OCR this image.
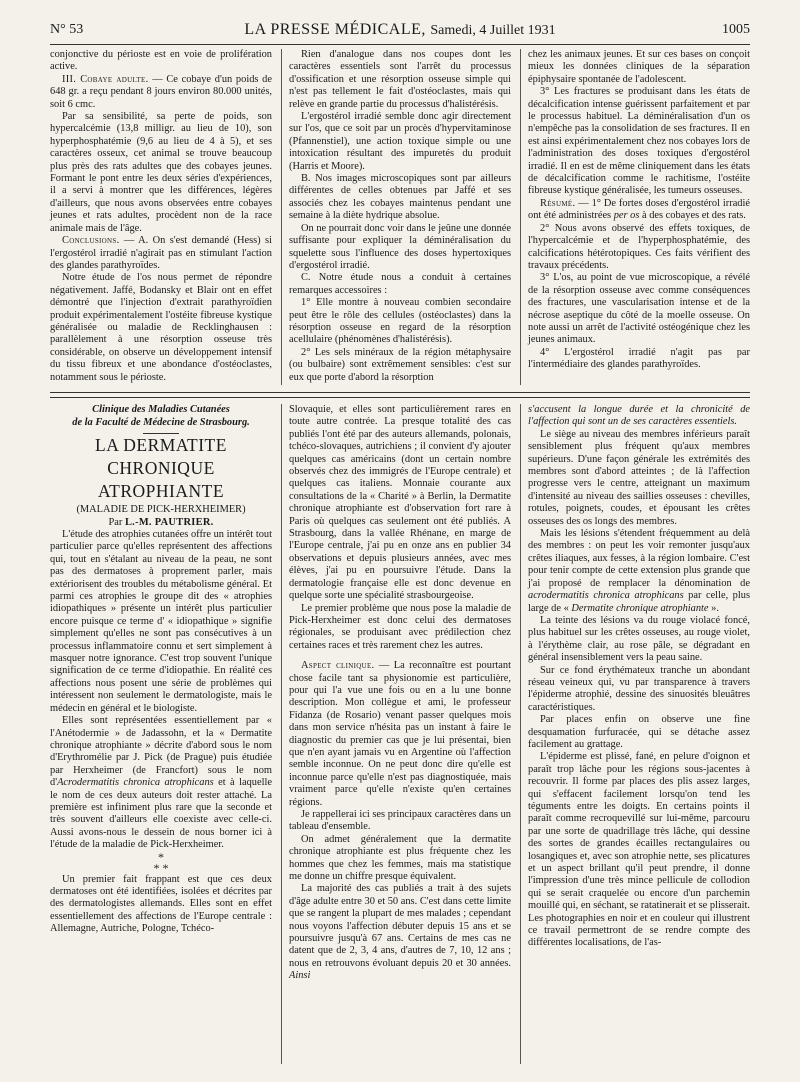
N° 53	LA PRESSE MÉDICALE, Samedi, 4 Juillet 1931	1005

conjonctive du périoste est en voie de prolifération active.

III. Cobaye adulte. — Ce cobaye d'un poids de 648 gr. a reçu pendant 8 jours environ 80.000 unités, soit 6 cmc.

Par sa sensibilité, sa perte de poids, son hypercalcémie (13,8 milligr. au lieu de 10), son hyperphosphatémie (9,6 au lieu de 4 à 5), et ses caractères osseux, cet animal se trouve beaucoup plus près des rats adultes que des cobayes jeunes. Formant le pont entre les deux séries d'expériences, il a servi à montrer que les différences, légères d'ailleurs, que nous avons observées entre cobayes jeunes et rats adultes, procèdent non de la race animale mais de l'âge.

Conclusions. — A. On s'est demandé (Hess) si l'ergostérol irradié n'agirait pas en stimulant l'action des glandes parathyroïdes.

Notre étude de l'os nous permet de répondre négativement. Jaffé, Bodansky et Blair ont en effet démontré que l'injection d'extrait parathyroïdien produit expérimentalement l'ostéite fibreuse kystique généralisée ou maladie de Recklinghausen : parallèlement à une résorption osseuse très considérable, on observe un développement intensif du tissu fibreux et une abondance d'ostéoclastes, notamment sous le périoste.

Rien d'analogue dans nos coupes dont les caractères essentiels sont l'arrêt du processus d'ossification et une résorption osseuse simple qui n'est pas tellement le fait d'ostéoclastes, mais qui relève en grande partie du processus d'halistérésis.

L'ergostérol irradié semble donc agir directement sur l'os, que ce soit par un procès d'hypervitaminose (Pfannenstiel), une action toxique simple ou une intoxication résultant des impuretés du produit (Harris et Moore).

B. Nos images microscopiques sont par ailleurs différentes de celles obtenues par Jaffé et ses associés chez les cobayes maintenus pendant une semaine à la diète hydrique absolue.

On ne pourrait donc voir dans le jeûne une donnée suffisante pour expliquer la déminéralisation du squelette sous l'influence des doses hypertoxiques d'ergostérol irradié.

C. Notre étude nous a conduit à certaines remarques accessoires :

1° Elle montre à nouveau combien secondaire peut être le rôle des cellules (ostéoclastes) dans la résorption osseuse en regard de la résorption acellulaire (phénomènes d'halistérésis).

2° Les sels minéraux de la région métaphysaire (ou bulbaire) sont extrêmement sensibles: c'est sur eux que porte d'abord la résorption

chez les animaux jeunes. Et sur ces bases on conçoit mieux les données cliniques de la séparation épiphysaire spontanée de l'adolescent.

3° Les fractures se produisant dans les états de décalcification intense guérissent parfaitement et par le processus habituel. La déminéralisation d'un os n'empêche pas la consolidation de ses fractures. Il en est ainsi expérimentalement chez nos cobayes lors de l'administration des doses toxiques d'ergostérol irradié. Il en est de même cliniquement dans les états de décalcification comme le rachitisme, l'ostéite fibreuse kystique généralisée, les tumeurs osseuses.

Résumé. — 1° De fortes doses d'ergostérol irradié ont été administrées per os à des cobayes et des rats.

2° Nous avons observé des effets toxiques, de l'hypercalcémie et de l'hyperphosphatémie, des calcifications hétérotopiques. Ces faits vérifient des travaux précédents.

3° L'os, au point de vue microscopique, a révélé de la résorption osseuse avec comme conséquences des fractures, une vascularisation intense et de la nécrose aseptique du côté de la moelle osseuse. On note aussi un arrêt de l'activité ostéogénique chez les jeunes animaux.

4° L'ergostérol irradié n'agit pas par l'intermédiaire des glandes parathyroïdes.

Clinique des Maladies Cutanées

de la Faculté de Médecine de Strasbourg.

LA DERMATITE CHRONIQUE
ATROPHIANTE

(MALADIE DE PICK-HERXHEIMER)

Par L.-M. PAUTRIER.

L'étude des atrophies cutanées offre un intérêt tout particulier parce qu'elles représentent des affections qui, tout en s'étalant au niveau de la peau, ne sont pas des dermatoses à proprement parler, mais extériorisent des troubles du métabolisme général. Et parmi ces atrophies le groupe dit des « atrophies idiopathiques » présente un intérêt plus particulier encore puisque ce terme d' « idiopathique » signifie simplement qu'elles ne sont pas consécutives à un processus inflammatoire connu et sert simplement à masquer notre ignorance. C'est trop souvent l'unique signification de ce terme d'idiopathie. En réalité ces affections nous posent une série de problèmes qui intéressent non seulement le dermatologiste, mais le médecin en général et le biologiste.

Elles sont représentées essentiellement par « l'Anétodermie » de Jadassohn, et la « Dermatite chronique atrophiante » décrite d'abord sous le nom d'Erythromélie par J. Pick (de Prague) puis étudiée par Herxheimer (de Francfort) sous le nom d'Acrodermatitis chronica atrophicans et à laquelle le nom de ces deux auteurs doit rester attaché. La première est infiniment plus rare que la seconde et très souvent d'ailleurs elle coexiste avec celle-ci. Aussi avons-nous le dessein de nous borner ici à l'étude de la maladie de Pick-Herxheimer.

*
* *

Un premier fait frappant est que ces deux dermatoses ont été identifiées, isolées et décrites par des dermatologistes allemands. Elles sont en effet essentiellement des affections de l'Europe centrale : Allemagne, Autriche, Pologne, Tchéco-

Slovaquie, et elles sont particulièrement rares en toute autre contrée. La presque totalité des cas publiés l'ont été par des auteurs allemands, polonais, tchéco-slovaques, autrichiens ; il convient d'y ajouter quelques cas américains (dont un certain nombre observés chez des immigrés de l'Europe centrale) et quelques cas italiens. Monnaie courante aux consultations de la « Charité » à Berlin, la Dermatite chronique atrophiante est d'observation fort rare à Paris où quelques cas seulement ont été publiés. A Strasbourg, dans la vallée Rhénane, en marge de l'Europe centrale, j'ai pu en onze ans en publier 34 observations et depuis plusieurs années, avec mes élèves, j'ai pu en poursuivre l'étude. Dans la dermatologie française elle est donc devenue en quelque sorte une spécialité strasbourgeoise.

Le premier problème que nous pose la maladie de Pick-Herxheimer est donc celui des dermatoses régionales, se produisant avec prédilection chez certaines races et très rarement chez les autres.

Aspect clinique. — La reconnaître est pourtant chose facile tant sa physionomie est particulière, pour qui l'a vue une fois ou en a lu une bonne description. Mon collègue et ami, le professeur Fidanza (de Rosario) venant passer quelques mois dans mon service n'hésita pas un instant à faire le diagnostic du premier cas que je lui présentai, bien que n'en ayant jamais vu en Argentine où l'affection semble inconnue. On ne peut donc dire qu'elle est inconnue parce qu'elle n'est pas diagnostiquée, mais vraiment parce qu'elle n'existe qu'en certaines régions.

Je rappellerai ici ses principaux caractères dans un tableau d'ensemble.

On admet généralement que la dermatite chronique atrophiante est plus fréquente chez les hommes que chez les femmes, mais ma statistique me donne un chiffre presque équivalent.

La majorité des cas publiés a trait à des sujets d'âge adulte entre 30 et 50 ans. C'est dans cette limite que se rangent la plupart de mes malades ; cependant nous voyons l'affection débuter depuis 15 ans et se poursuivre jusqu'à 67 ans. Certains de mes cas ne datent que de 2, 3, 4 ans, d'autres de 7, 10, 12 ans ; nous en retrouvons évoluant depuis 20 et 30 années. Ainsi

s'accusent la longue durée et la chronicité de l'affection qui sont un de ses caractères essentiels.

Le siège au niveau des membres inférieurs paraît sensiblement plus fréquent qu'aux membres supérieurs. D'une façon générale les extrémités des membres sont d'abord atteintes ; de là l'affection progresse vers le centre, atteignant un maximum d'intensité au niveau des saillies osseuses : chevilles, rotules, poignets, coudes, et épousant les crêtes osseuses des os longs des membres.

Mais les lésions s'étendent fréquemment au delà des membres : on peut les voir remonter jusqu'aux crêtes iliaques, aux fesses, à la région lombaire. C'est pour tenir compte de cette extension plus grande que j'ai proposé de remplacer la dénomination de acrodermatitis chronica atrophicans par celle, plus large de « Dermatite chronique atrophiante ».

La teinte des lésions va du rouge violacé foncé, plus habituel sur les crêtes osseuses, au rouge violet, à l'érythème clair, au rose pâle, se dégradant en général insensiblement vers la peau saine.

Sur ce fond érythémateux tranche un abondant réseau veineux qui, vu par transparence à travers l'épiderme atrophié, dessine des sinuosités bleuâtres caractéristiques.

Par places enfin on observe une fine desquamation furfuracée, qui se détache assez facilement au grattage.

L'épiderme est plissé, fané, en pelure d'oignon et paraît trop lâche pour les régions sous-jacentes à recouvrir. Il forme par places des plis assez larges, qui s'effacent facilement lorsqu'on tend les téguments entre les doigts. En certains points il paraît comme recroquevillé sur lui-même, parcouru par une sorte de quadrillage très lâche, qui dessine des sortes de grandes écailles rectangulaires ou losangiques et, avec son atrophie nette, ses plicatures et un aspect brillant qu'il peut prendre, il donne l'impression d'une très mince pellicule de collodion qui se serait craquelée ou encore d'un parchemin mouillé qui, en séchant, se ratatinerait et se plisserait. Les photographies en noir et en couleur qui illustrent ce travail permettront de se rendre compte des différentes localisations, de l'as-
